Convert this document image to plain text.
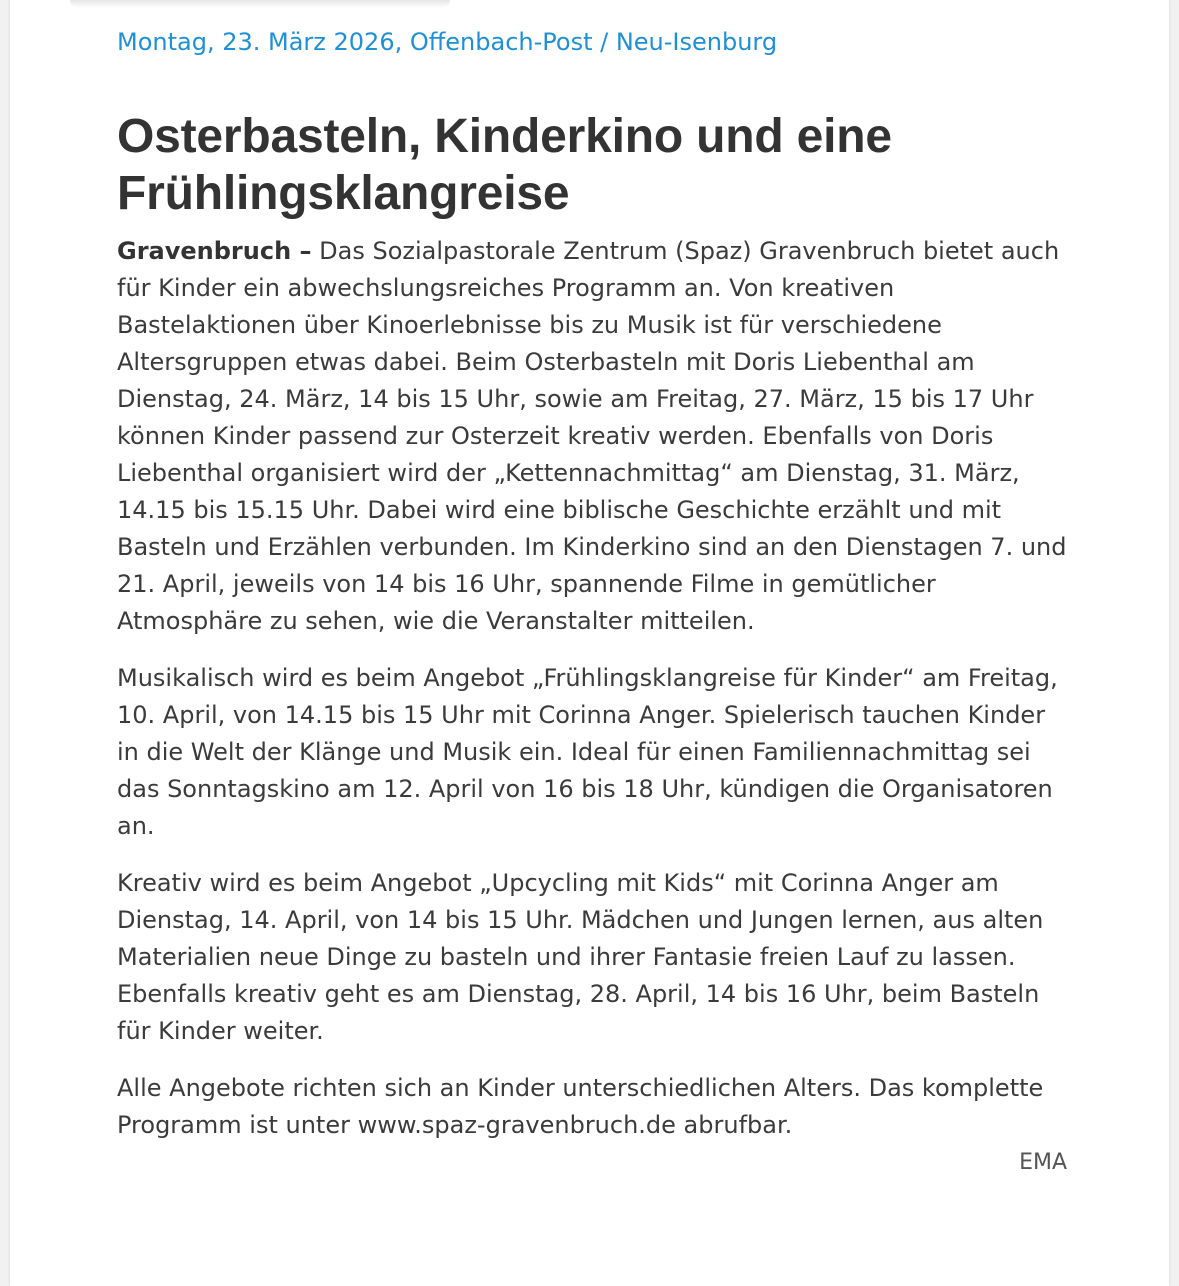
Montag, 23. März 2026, Offenbach-Post / Neu-Isenburg

Osterbasteln, Kinderkino und eine Frühlingsklangreise

Gravenbruch – Das Sozialpastorale Zentrum (Spaz) Gravenbruch bietet auch für Kinder ein abwechslungsreiches Programm an. Von kreativen Bastelaktionen über Kinoerlebnisse bis zu Musik ist für verschiedene Altersgruppen etwas dabei. Beim Osterbasteln mit Doris Liebenthal am Dienstag, 24. März, 14 bis 15 Uhr, sowie am Freitag, 27. März, 15 bis 17 Uhr können Kinder passend zur Osterzeit kreativ werden. Ebenfalls von Doris Liebenthal organisiert wird der „Kettennachmittag“ am Dienstag, 31. März, 14.15 bis 15.15 Uhr. Dabei wird eine biblische Geschichte erzählt und mit Basteln und Erzählen verbunden. Im Kinderkino sind an den Dienstagen 7. und 21. April, jeweils von 14 bis 16 Uhr, spannende Filme in gemütlicher Atmosphäre zu sehen, wie die Veranstalter mitteilen.

Musikalisch wird es beim Angebot „Frühlingsklangreise für Kinder“ am Freitag, 10. April, von 14.15 bis 15 Uhr mit Corinna Anger. Spielerisch tauchen Kinder in die Welt der Klänge und Musik ein. Ideal für einen Familiennachmittag sei das Sonntagskino am 12. April von 16 bis 18 Uhr, kündigen die Organisatoren an.

Kreativ wird es beim Angebot „Upcycling mit Kids“ mit Corinna Anger am Dienstag, 14. April, von 14 bis 15 Uhr. Mädchen und Jungen lernen, aus alten Materialien neue Dinge zu basteln und ihrer Fantasie freien Lauf zu lassen. Ebenfalls kreativ geht es am Dienstag, 28. April, 14 bis 16 Uhr, beim Basteln für Kinder weiter.

Alle Angebote richten sich an Kinder unterschiedlichen Alters. Das komplette Programm ist unter www.spaz-gravenbruch.de abrufbar.

EMA
